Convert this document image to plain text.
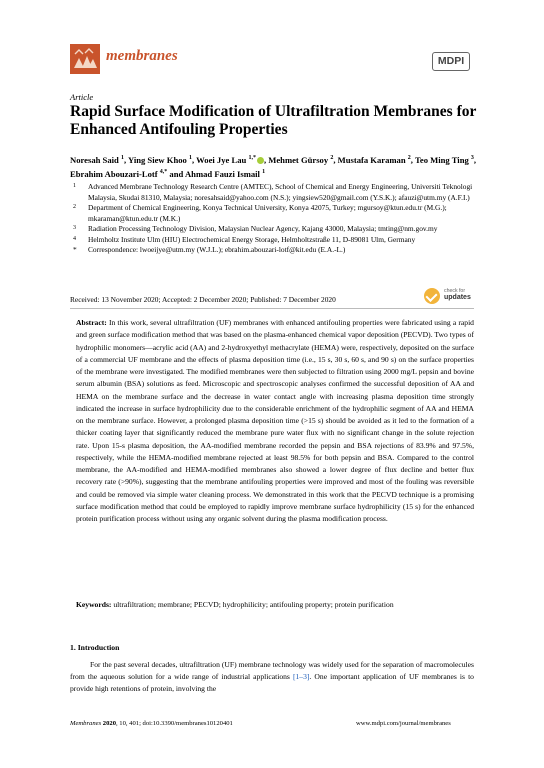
membranes	MDPI
Article
Rapid Surface Modification of Ultrafiltration Membranes for Enhanced Antifouling Properties
Noresah Said $^1$, Ying Siew Khoo $^1$, Woei Jye Lau $^{1,*}$ , Mehmet Gürsoy $^2$, Mustafa Karaman $^2$, Teo Ming Ting $^3$, Ebrahim Abouzari-Lotf $^{4,*}$ and Ahmad Fauzi Ismail $^1$
1 Advanced Membrane Technology Research Centre (AMTEC), School of Chemical and Energy Engineering, Universiti Teknologi Malaysia, Skudai 81310, Malaysia; noresahsaid@yahoo.com (N.S.); yingsiew520@gmail.com (Y.S.K.); afauzi@utm.my (A.F.I.)
2 Department of Chemical Engineering, Konya Technical University, Konya 42075, Turkey; mgursoy@ktun.edu.tr (M.G.); mkaraman@ktun.edu.tr (M.K.)
3 Radiation Processing Technology Division, Malaysian Nuclear Agency, Kajang 43000, Malaysia; tmting@nm.gov.my
4 Helmholtz Institute Ulm (HIU) Electrochemical Energy Storage, Helmholtzstraße 11, D-89081 Ulm, Germany
* Correspondence: lwoeijye@utm.my (W.J.L.); ebrahim.abouzari-lotf@kit.edu (E.A.-L.)
Received: 13 November 2020; Accepted: 2 December 2020; Published: 7 December 2020
check for
updates
Abstract: In this work, several ultrafiltration (UF) membranes with enhanced antifouling properties were fabricated using a rapid and green surface modification method that was based on the plasma-enhanced chemical vapor deposition (PECVD). Two types of hydrophilic monomers—acrylic acid (AA) and 2-hydroxyethyl methacrylate (HEMA) were, respectively, deposited on the surface of a commercial UF membrane and the effects of plasma deposition time (i.e., 15 s, 30 s, 60 s, and 90 s) on the surface properties of the membrane were investigated. The modified membranes were then subjected to filtration using 2000 mg/L pepsin and bovine serum albumin (BSA) solutions as feed. Microscopic and spectroscopic analyses confirmed the successful deposition of AA and HEMA on the membrane surface and the decrease in water contact angle with increasing plasma deposition time strongly indicated the increase in surface hydrophilicity due to the considerable enrichment of the hydrophilic segment of AA and HEMA on the membrane surface. However, a prolonged plasma deposition time (>15 s) should be avoided as it led to the formation of a thicker coating layer that significantly reduced the membrane pure water flux with no significant change in the solute rejection rate. Upon 15-s plasma deposition, the AA-modified membrane recorded the pepsin and BSA rejections of 83.9% and 97.5%, respectively, while the HEMA-modified membrane rejected at least 98.5% for both pepsin and BSA. Compared to the control membrane, the AA-modified and HEMA-modified membranes also showed a lower degree of flux decline and better flux recovery rate (>90%), suggesting that the membrane antifouling properties were improved and most of the fouling was reversible and could be removed via simple water cleaning process. We demonstrated in this work that the PECVD technique is a promising surface modification method that could be employed to rapidly improve membrane surface hydrophilicity (15 s) for the enhanced protein purification process without using any organic solvent during the plasma modification process.
Keywords: ultrafiltration; membrane; PECVD; hydrophilicity; antifouling property; protein purification
1. Introduction
For the past several decades, ultrafiltration (UF) membrane technology was widely used for the separation of macromolecules from the aqueous solution for a wide range of industrial applications [1–3]. One important application of UF membranes is to provide high retentions of protein, involving the
Membranes 2020, 10, 401; doi:10.3390/membranes10120401	www.mdpi.com/journal/membranes
